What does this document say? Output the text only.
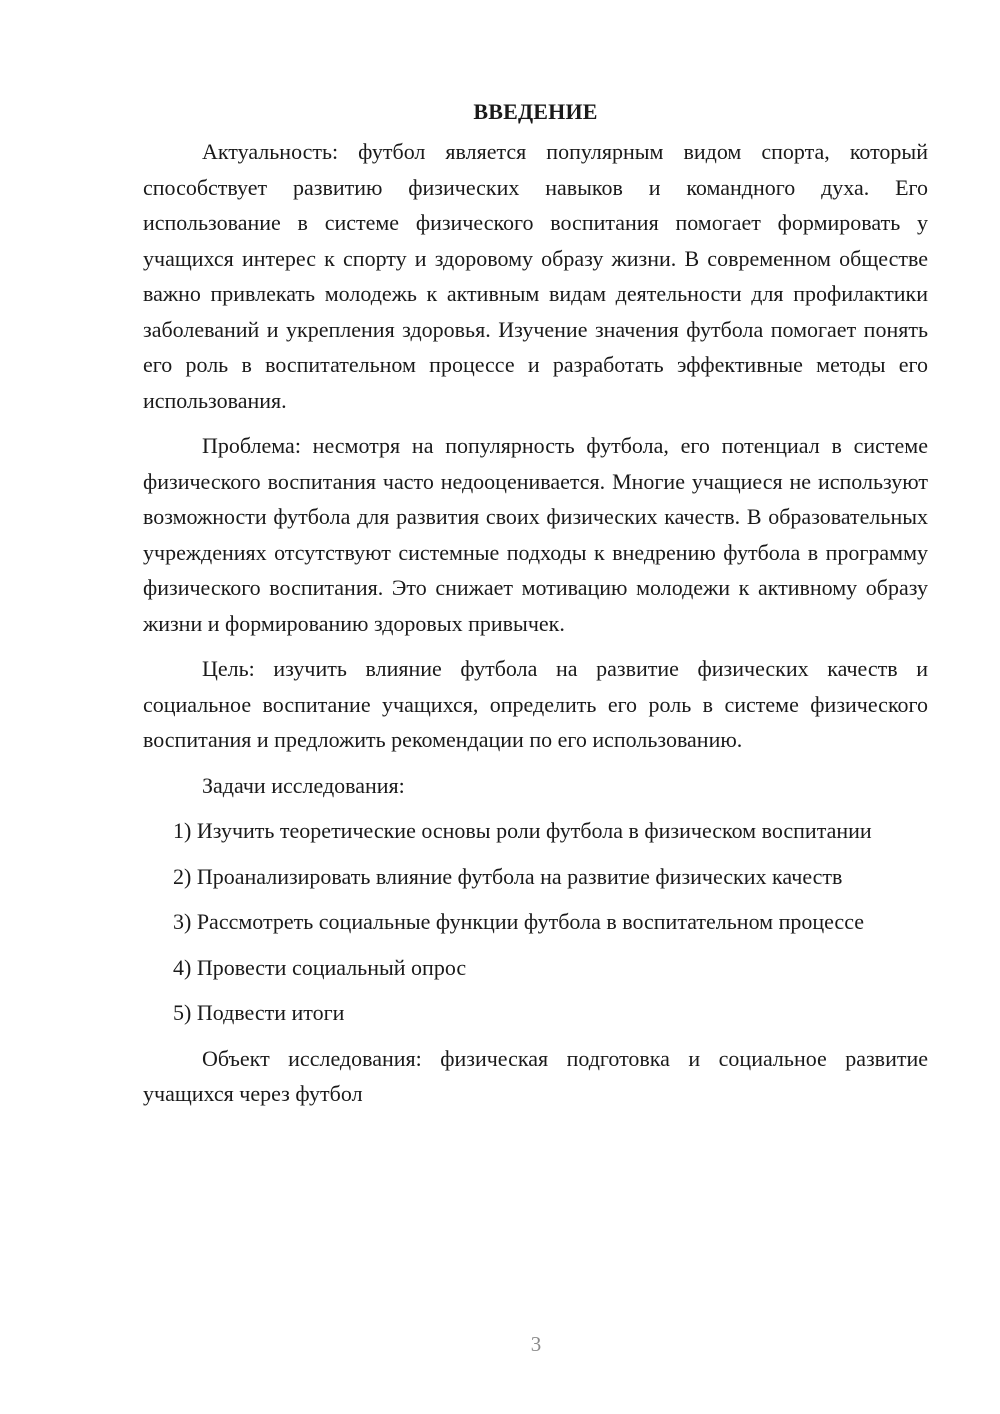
ВВЕДЕНИЕ

Актуальность: футбол является популярным видом спорта, который способствует развитию физических навыков и командного духа. Его использование в системе физического воспитания помогает формировать у учащихся интерес к спорту и здоровому образу жизни. В современном обществе важно привлекать молодежь к активным видам деятельности для профилактики заболеваний и укрепления здоровья. Изучение значения футбола помогает понять его роль в воспитательном процессе и разработать эффективные методы его использования.

Проблема: несмотря на популярность футбола, его потенциал в системе физического воспитания часто недооценивается. Многие учащиеся не используют возможности футбола для развития своих физических качеств. В образовательных учреждениях отсутствуют системные подходы к внедрению футбола в программу физического воспитания. Это снижает мотивацию молодежи к активному образу жизни и формированию здоровых привычек.

Цель: изучить влияние футбола на развитие физических качеств и социальное воспитание учащихся, определить его роль в системе физического воспитания и предложить рекомендации по его использованию.

Задачи исследования:

1) Изучить теоретические основы роли футбола в физическом воспитании

2) Проанализировать влияние футбола на развитие физических качеств

3) Рассмотреть социальные функции футбола в воспитательном процессе

4) Провести социальный опрос

5) Подвести итоги

Объект исследования: физическая подготовка и социальное развитие учащихся через футбол

3
